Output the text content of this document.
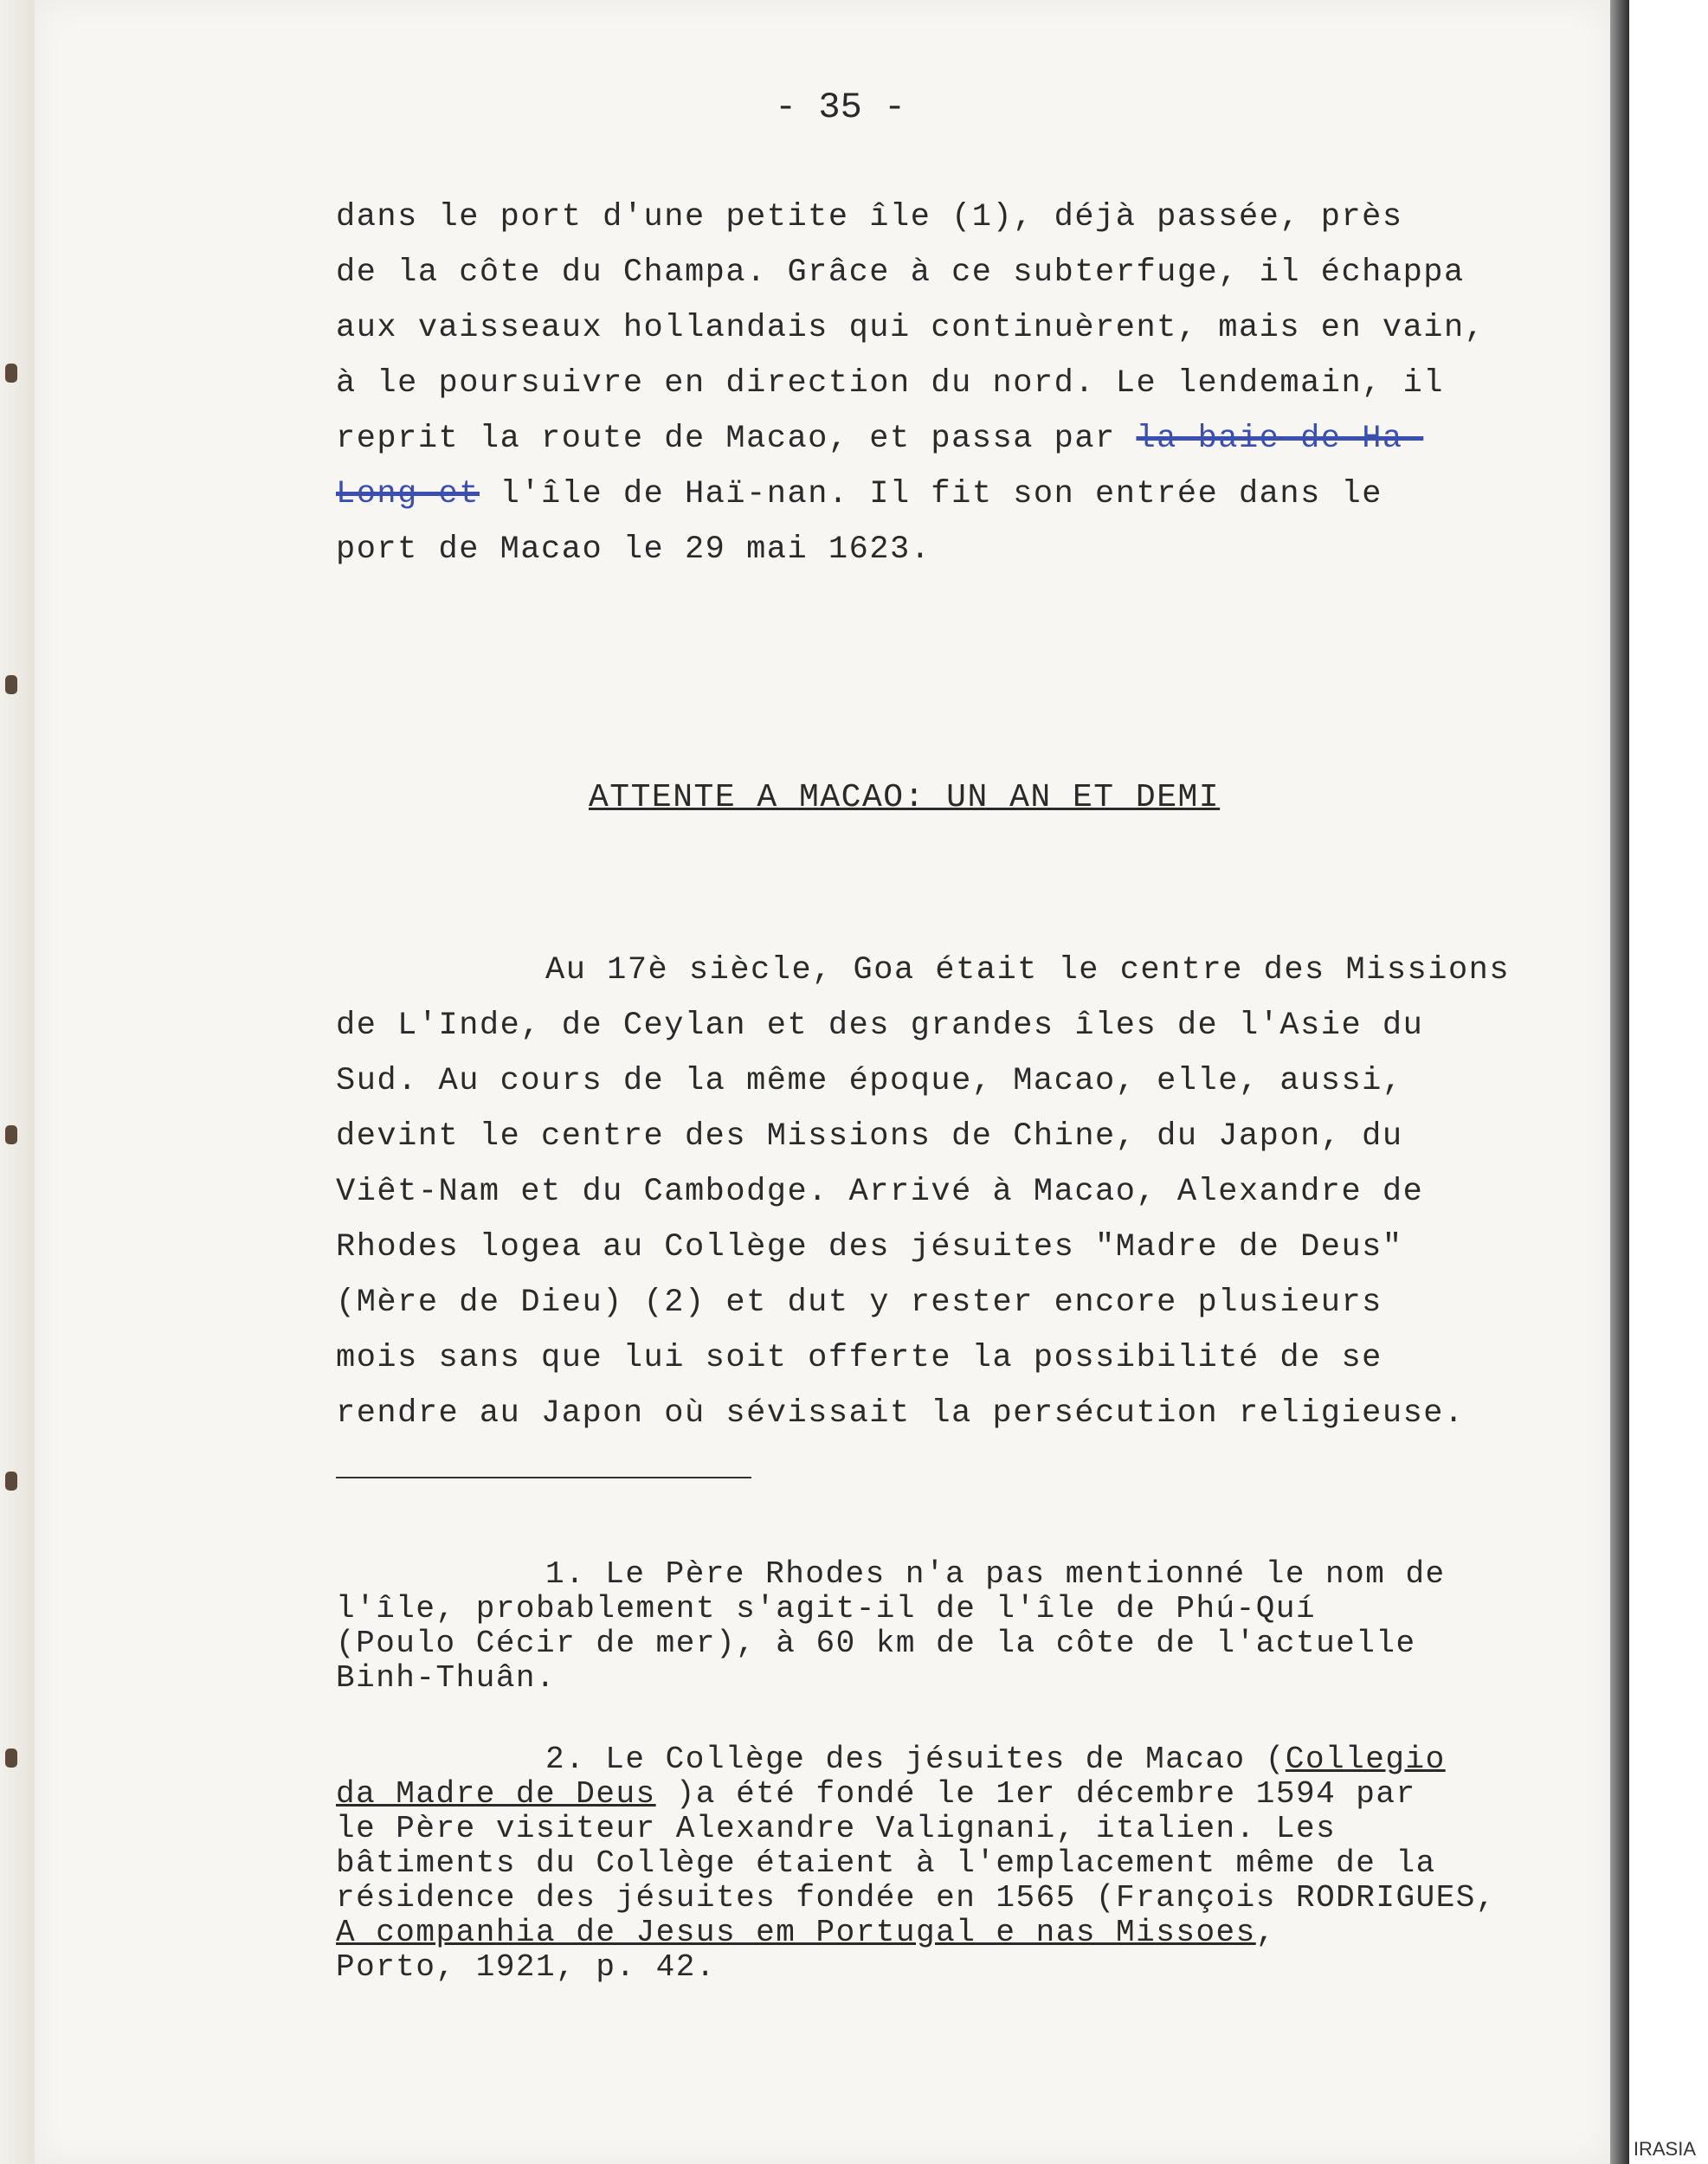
- 35 -
dans le port d'une petite île (1), déjà passée, près
de la côte du Champa. Grâce à ce subterfuge, il échappa
aux vaisseaux hollandais qui continuèrent, mais en vain,
à le poursuivre en direction du nord. Le lendemain, il
reprit la route de Macao, et passa par la baie de Ha-
Long et l'île de Haï-nan. Il fit son entrée dans le
port de Macao le 29 mai 1623.
ATTENTE A MACAO: UN AN ET DEMI
Au 17è siècle, Goa était le centre des Missions
de L'Inde, de Ceylan et des grandes îles de l'Asie du
Sud. Au cours de la même époque, Macao, elle, aussi,
devint le centre des Missions de Chine, du Japon, du
Viêt-Nam et du Cambodge. Arrivé à Macao, Alexandre de
Rhodes logea au Collège des jésuites "Madre de Deus"
(Mère de Dieu) (2) et dut y rester encore plusieurs
mois sans que lui soit offerte la possibilité de se
rendre au Japon où sévissait la persécution religieuse.
1. Le Père Rhodes n'a pas mentionné le nom de
l'île, probablement s'agit-il de l'île de Phú-Quí
(Poulo Cécir de mer), à 60 km de la côte de l'actuelle
Binh-Thuân.
2. Le Collège des jésuites de Macao (Collegio
da Madre de Deus )a été fondé le 1er décembre 1594 par
le Père visiteur Alexandre Valignani, italien. Les
bâtiments du Collège étaient à l'emplacement même de la
résidence des jésuites fondée en 1565 (François RODRIGUES,
A companhia de Jesus em Portugal e nas Missoes,
Porto, 1921, p. 42.
IRASIA
